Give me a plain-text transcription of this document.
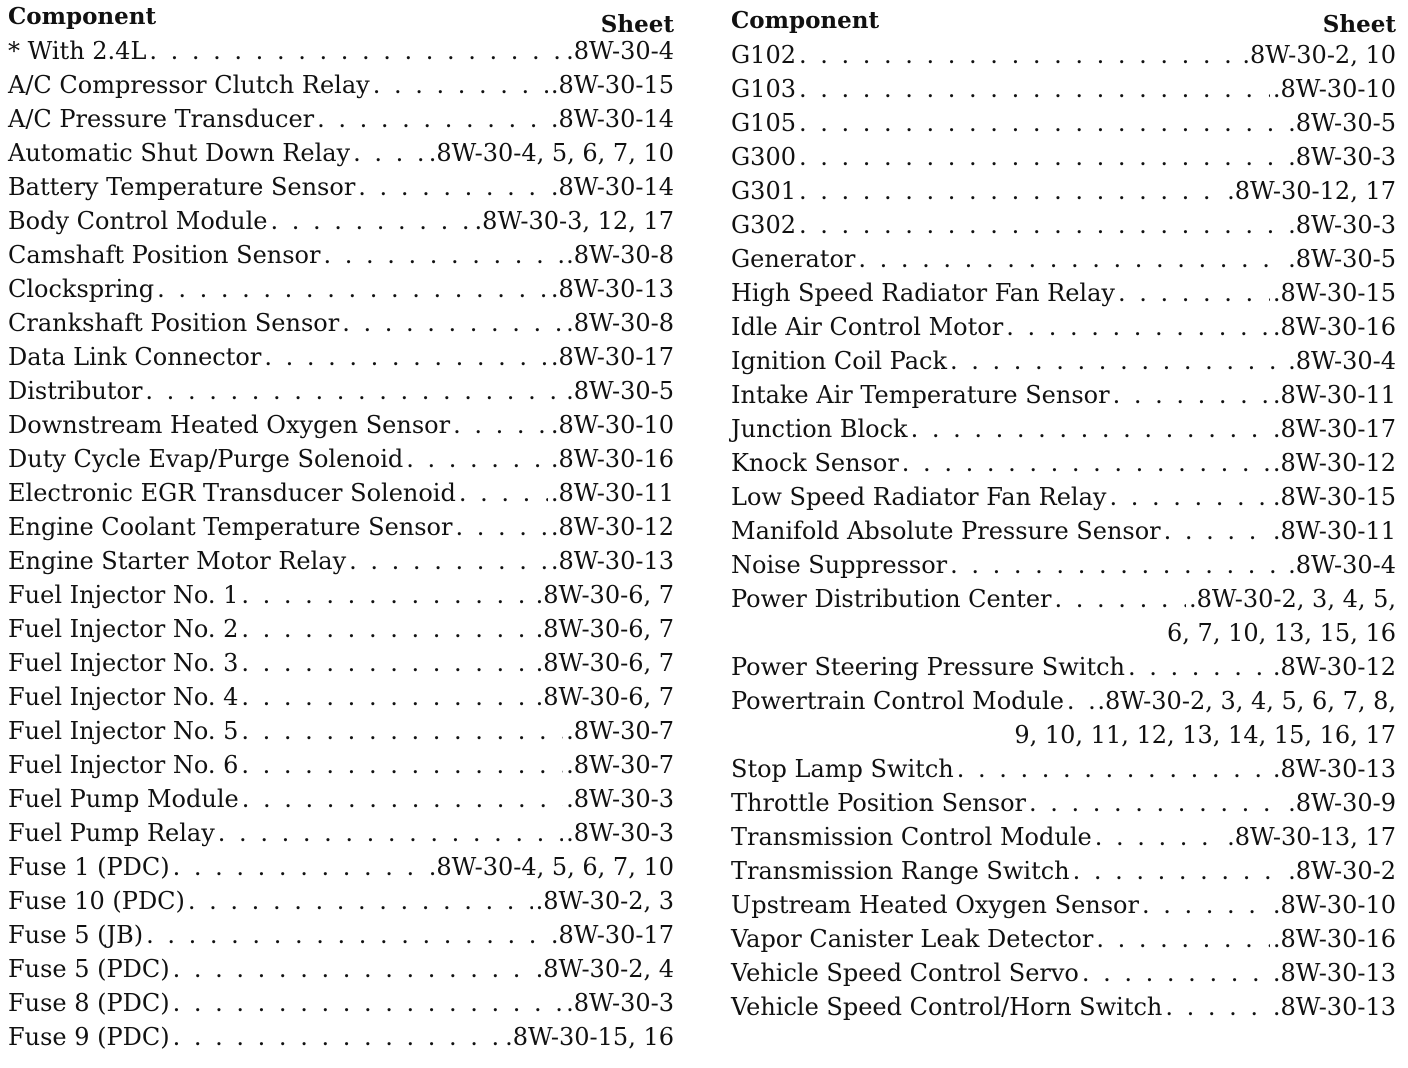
Component	Sheet
* With 2.4L . . .	.8W-30-4
A/C Compressor Clutch Relay . . .	.8W-30-15
A/C Pressure Transducer . . .	.8W-30-14
Automatic Shut Down Relay . . .	.8W-30-4, 5, 6, 7, 10
Battery Temperature Sensor . . .	.8W-30-14
Body Control Module . . .	.8W-30-3, 12, 17
Camshaft Position Sensor . . .	.8W-30-8
Clockspring . . .	.8W-30-13
Crankshaft Position Sensor . . .	.8W-30-8
Data Link Connector . . .	.8W-30-17
Distributor . . .	.8W-30-5
Downstream Heated Oxygen Sensor . . .	.8W-30-10
Duty Cycle Evap/Purge Solenoid . . .	.8W-30-16
Electronic EGR Transducer Solenoid . . .	.8W-30-11
Engine Coolant Temperature Sensor . . .	.8W-30-12
Engine Starter Motor Relay . . .	.8W-30-13
Fuel Injector No. 1 . . .	.8W-30-6, 7
Fuel Injector No. 2 . . .	.8W-30-6, 7
Fuel Injector No. 3 . . .	.8W-30-6, 7
Fuel Injector No. 4 . . .	.8W-30-6, 7
Fuel Injector No. 5 . . .	.8W-30-7
Fuel Injector No. 6 . . .	.8W-30-7
Fuel Pump Module . . .	.8W-30-3
Fuel Pump Relay . . .	.8W-30-3
Fuse 1 (PDC) . . .	.8W-30-4, 5, 6, 7, 10
Fuse 10 (PDC) . . .	.8W-30-2, 3
Fuse 5 (JB) . . .	.8W-30-17
Fuse 5 (PDC) . . .	.8W-30-2, 4
Fuse 8 (PDC) . . .	.8W-30-3
Fuse 9 (PDC) . . .	.8W-30-15, 16
Component	Sheet
G102 . . .	.8W-30-2, 10
G103 . . .	.8W-30-10
G105 . . .	.8W-30-5
G300 . . .	.8W-30-3
G301 . . .	.8W-30-12, 17
G302 . . .	.8W-30-3
Generator . . .	.8W-30-5
High Speed Radiator Fan Relay . . .	.8W-30-15
Idle Air Control Motor . . .	.8W-30-16
Ignition Coil Pack . . .	.8W-30-4
Intake Air Temperature Sensor . . .	.8W-30-11
Junction Block . . .	.8W-30-17
Knock Sensor . . .	.8W-30-12
Low Speed Radiator Fan Relay . . .	.8W-30-15
Manifold Absolute Pressure Sensor . . .	.8W-30-11
Noise Suppressor . . .	.8W-30-4
Power Distribution Center . . .	.8W-30-2, 3, 4, 5,
6, 7, 10, 13, 15, 16
Power Steering Pressure Switch . . .	.8W-30-12
Powertrain Control Module . . . .8W-30-2, 3, 4, 5, 6, 7, 8,
9, 10, 11, 12, 13, 14, 15, 16, 17
Stop Lamp Switch . . .	.8W-30-13
Throttle Position Sensor . . .	.8W-30-9
Transmission Control Module . . .	.8W-30-13, 17
Transmission Range Switch . . .	.8W-30-2
Upstream Heated Oxygen Sensor . . .	.8W-30-10
Vapor Canister Leak Detector . . .	.8W-30-16
Vehicle Speed Control Servo . . .	.8W-30-13
Vehicle Speed Control/Horn Switch . . .	.8W-30-13
